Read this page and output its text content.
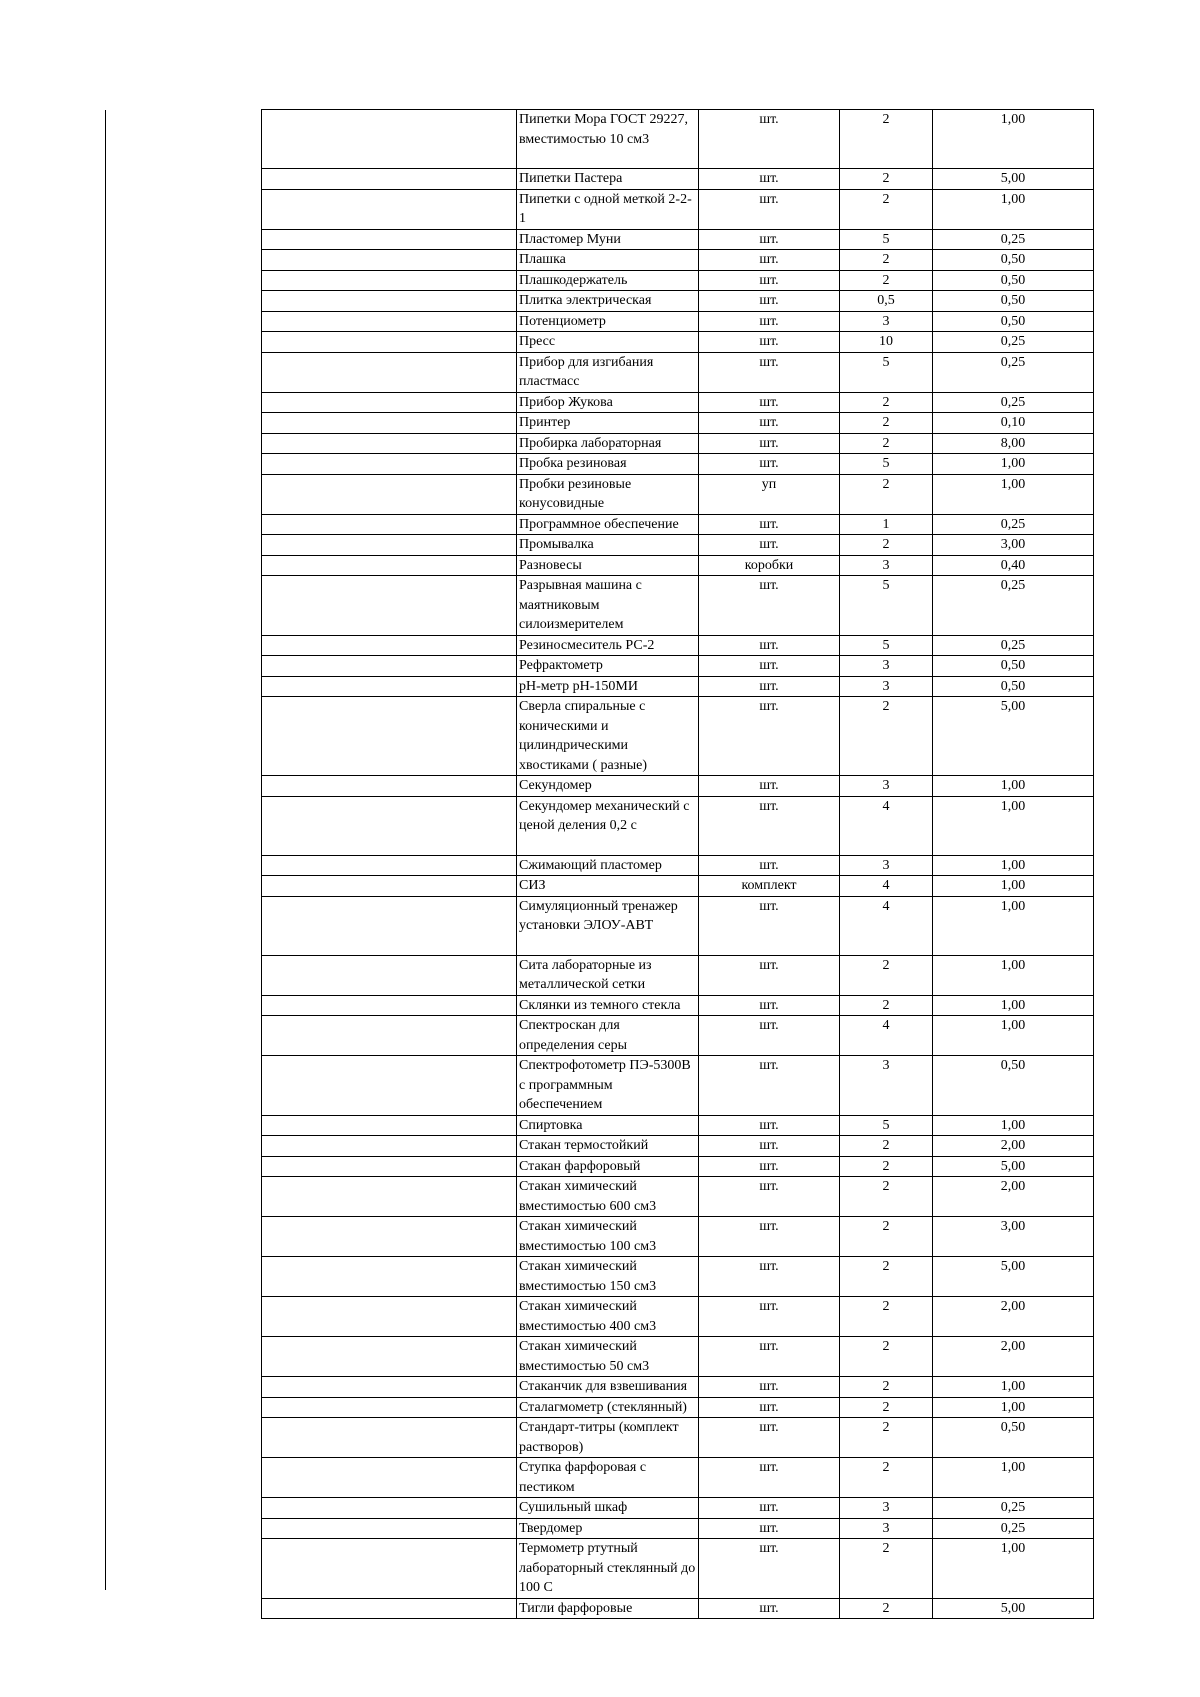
	Пипетки Мора ГОСТ 29227, вместимостью 10 см3	шт.	2	1,00
	Пипетки Пастера	шт.	2	5,00
	Пипетки с одной меткой 2-2-1	шт.	2	1,00
	Пластомер Муни	шт.	5	0,25
	Плашка	шт.	2	0,50
	Плашкодержатель	шт.	2	0,50
	Плитка электрическая	шт.	0,5	0,50
	Потенциометр	шт.	3	0,50
	Пресс	шт.	10	0,25
	Прибор для изгибания пластмасс	шт.	5	0,25
	Прибор Жукова	шт.	2	0,25
	Принтер	шт.	2	0,10
	Пробирка лабораторная	шт.	2	8,00
	Пробка резиновая	шт.	5	1,00
	Пробки резиновые конусовидные	уп	2	1,00
	Программное обеспечение	шт.	1	0,25
	Промывалка	шт.	2	3,00
	Разновесы	коробки	3	0,40
	Разрывная машина с маятниковым силоизмерителем	шт.	5	0,25
	Резиносмеситель РС-2	шт.	5	0,25
	Рефрактометр	шт.	3	0,50
	рН-метр рН-150МИ	шт.	3	0,50
	Сверла спиральные с коническими и цилиндрическими хвостиками ( разные)	шт.	2	5,00
	Секундомер	шт.	3	1,00
	Секундомер механический с ценой деления 0,2 с	шт.	4	1,00
	Сжимающий пластомер	шт.	3	1,00
	СИЗ	комплект	4	1,00
	Симуляционный тренажер установки ЭЛОУ-АВТ	шт.	4	1,00
	Сита лабораторные из металлической сетки	шт.	2	1,00
	Склянки из темного стекла	шт.	2	1,00
	Спектроскан для определения серы	шт.	4	1,00
	Спектрофотометр ПЭ-5300В с программным обеспечением	шт.	3	0,50
	Спиртовка	шт.	5	1,00
	Стакан термостойкий	шт.	2	2,00
	Стакан фарфоровый	шт.	2	5,00
	Стакан химический вместимостью 600 см3	шт.	2	2,00
	Стакан химический вместимостью 100 см3	шт.	2	3,00
	Стакан химический вместимостью 150 см3	шт.	2	5,00
	Стакан химический вместимостью 400 см3	шт.	2	2,00
	Стакан химический вместимостью 50 см3	шт.	2	2,00
	Стаканчик для взвешивания	шт.	2	1,00
	Сталагмометр (стеклянный)	шт.	2	1,00
	Стандарт-титры (комплект растворов)	шт.	2	0,50
	Ступка фарфоровая с пестиком	шт.	2	1,00
	Сушильный шкаф	шт.	3	0,25
	Твердомер	шт.	3	0,25
	Термометр ртутный лабораторный стеклянный до 100 С	шт.	2	1,00
	Тигли фарфоровые	шт.	2	5,00
